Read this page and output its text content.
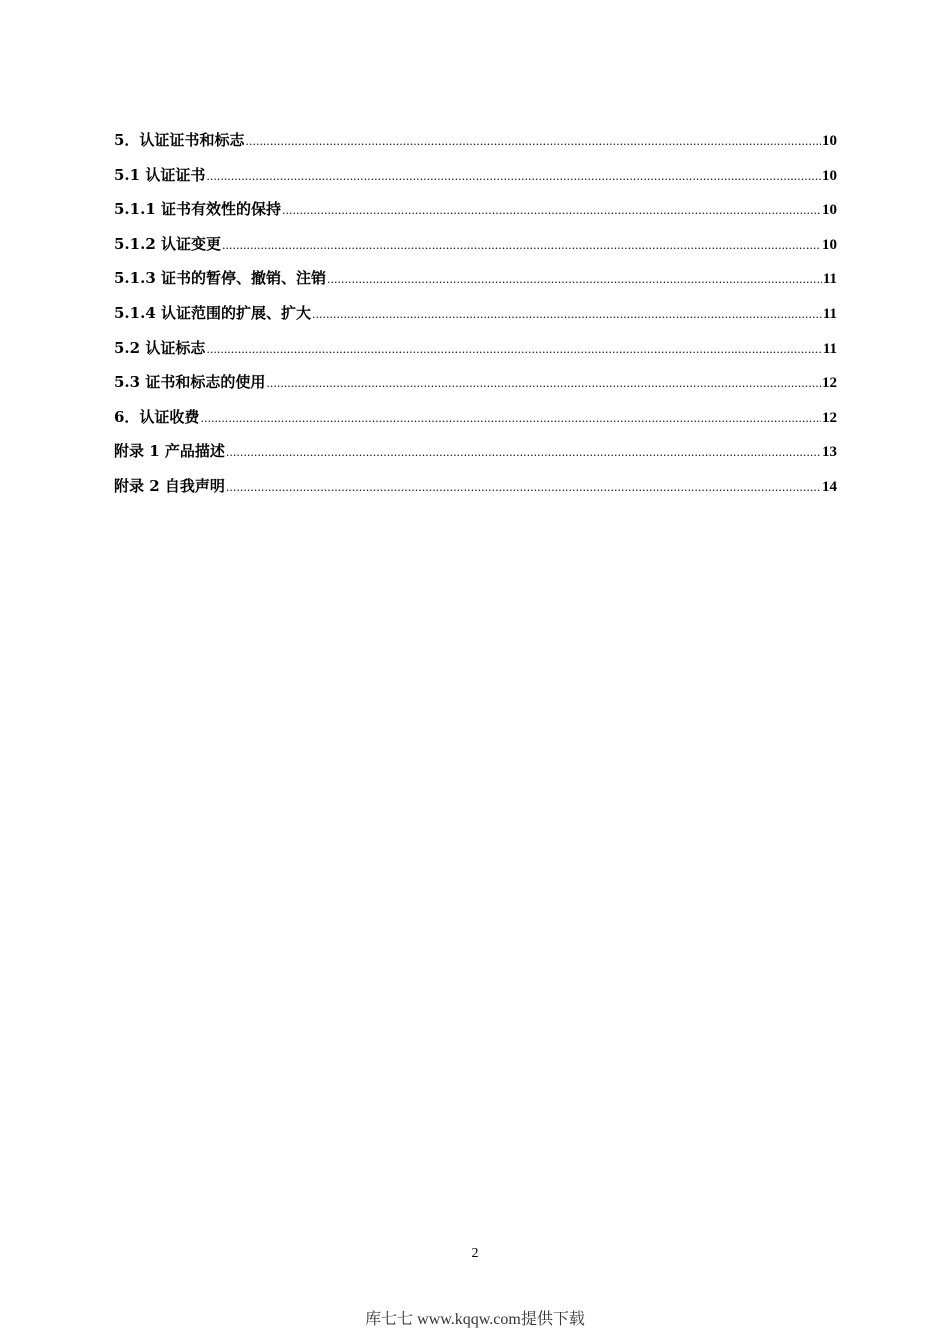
5．认证证书和标志 .....	10
5.1 认证证书 .....	10
5.1.1 证书有效性的保持 .....	10
5.1.2 认证变更 .....	10
5.1.3 证书的暂停、撤销、注销 .....	11
5.1.4 认证范围的扩展、扩大 .....	11
5.2 认证标志 .....	11
5.3 证书和标志的使用 .....	12
6．认证收费 .....	12
附录 1 产品描述 .....	13
附录 2 自我声明 .....	14
2
库七七 www.kqqw.com提供下载
